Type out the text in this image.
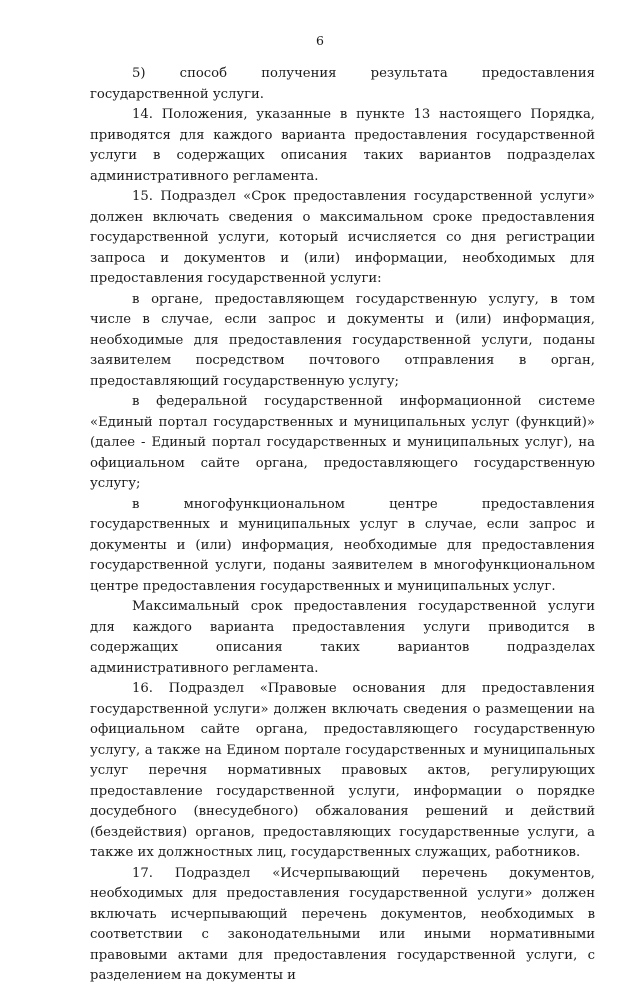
6

5) способ получения результата предоставления государственной услуги.

14. Положения, указанные в пункте 13 настоящего Порядка, приводятся для каждого варианта предоставления государственной услуги в содержащих описания таких вариантов подразделах административного регламента.

15. Подраздел «Срок предоставления государственной услуги» должен включать сведения о максимальном сроке предоставления государственной услуги, который исчисляется со дня регистрации запроса и документов и (или) информации, необходимых для предоставления государственной услуги:

в органе, предоставляющем государственную услугу, в том числе в случае, если запрос и документы и (или) информация, необходимые для предоставления государственной услуги, поданы заявителем посредством почтового отправления в орган, предоставляющий государственную услугу;

в федеральной государственной информационной системе «Единый портал государственных и муниципальных услуг (функций)» (далее - Единый портал государственных и муниципальных услуг), на официальном сайте органа, предоставляющего государственную услугу;

в многофункциональном центре предоставления государственных и муниципальных услуг в случае, если запрос и документы и (или) информация, необходимые для предоставления государственной услуги, поданы заявителем в многофункциональном центре предоставления государственных и муниципальных услуг.

Максимальный срок предоставления государственной услуги для каждого варианта предоставления услуги приводится в содержащих описания таких вариантов подразделах административного регламента.

16. Подраздел «Правовые основания для предоставления государственной услуги» должен включать сведения о размещении на официальном сайте органа, предоставляющего государственную услугу, а также на Едином портале государственных и муниципальных услуг перечня нормативных правовых актов, регулирующих предоставление государственной услуги, информации о порядке досудебного (внесудебного) обжалования решений и действий (бездействия) органов, предоставляющих государственные услуги, а также их должностных лиц, государственных служащих, работников.

17. Подраздел «Исчерпывающий перечень документов, необходимых для предоставления государственной услуги» должен включать исчерпывающий перечень документов, необходимых в соответствии с законодательными или иными нормативными правовыми актами для предоставления государственной услуги, с разделением на документы и
